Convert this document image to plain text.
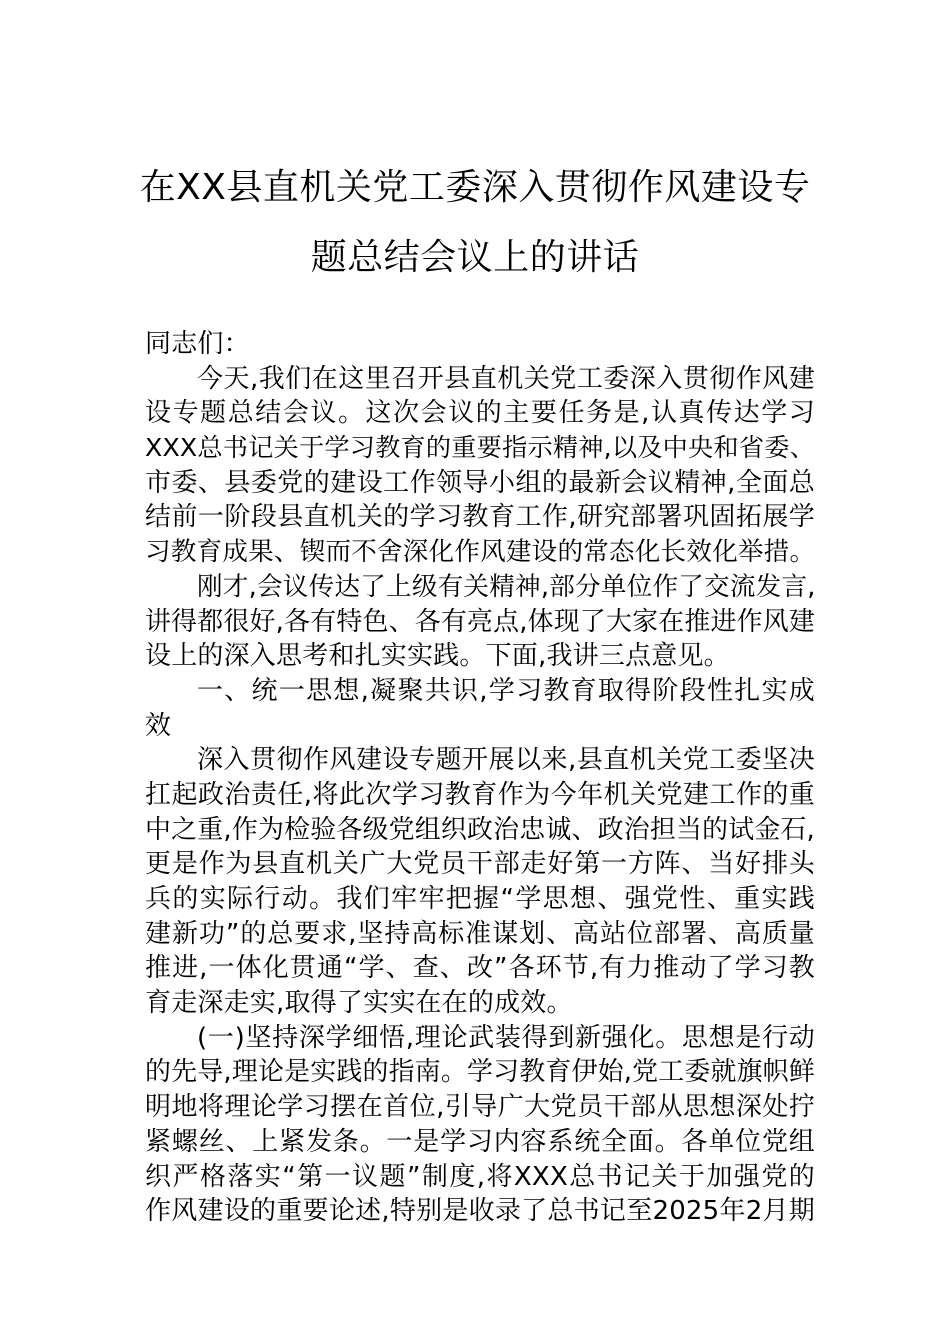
在XX县直机关党工委深入贯彻作风建设专
题总结会议上的讲话
同志们：
今天,我们在这里召开县直机关党工委深入贯彻作风建
设专题总结会议。这次会议的主要任务是,认真传达学习
XXX总书记关于学习教育的重要指示精神,以及中央和省委、
市委、县委党的建设工作领导小组的最新会议精神,全面总
结前一阶段县直机关的学习教育工作,研究部署巩固拓展学
习教育成果、锲而不舍深化作风建设的常态化长效化举措。
刚才,会议传达了上级有关精神,部分单位作了交流发言,
讲得都很好,各有特色、各有亮点,体现了大家在推进作风建
设上的深入思考和扎实实践。下面,我讲三点意见。
一、统一思想,凝聚共识,学习教育取得阶段性扎实成
效
深入贯彻作风建设专题开展以来,县直机关党工委坚决
扛起政治责任,将此次学习教育作为今年机关党建工作的重
中之重,作为检验各级党组织政治忠诚、政治担当的试金石,
更是作为县直机关广大党员干部走好第一方阵、当好排头
兵的实际行动。我们牢牢把握“学思想、强党性、重实践
建新功”的总要求,坚持高标准谋划、高站位部署、高质量
推进,一体化贯通“学、查、改”各环节,有力推动了学习教
育走深走实,取得了实实在在的成效。
(一)坚持深学细悟,理论武装得到新强化。思想是行动
的先导,理论是实践的指南。学习教育伊始,党工委就旗帜鲜
明地将理论学习摆在首位,引导广大党员干部从思想深处拧
紧螺丝、上紧发条。一是学习内容系统全面。各单位党组
织严格落实“第一议题”制度,将XXX总书记关于加强党的
作风建设的重要论述,特别是收录了总书记至2025年2月期
